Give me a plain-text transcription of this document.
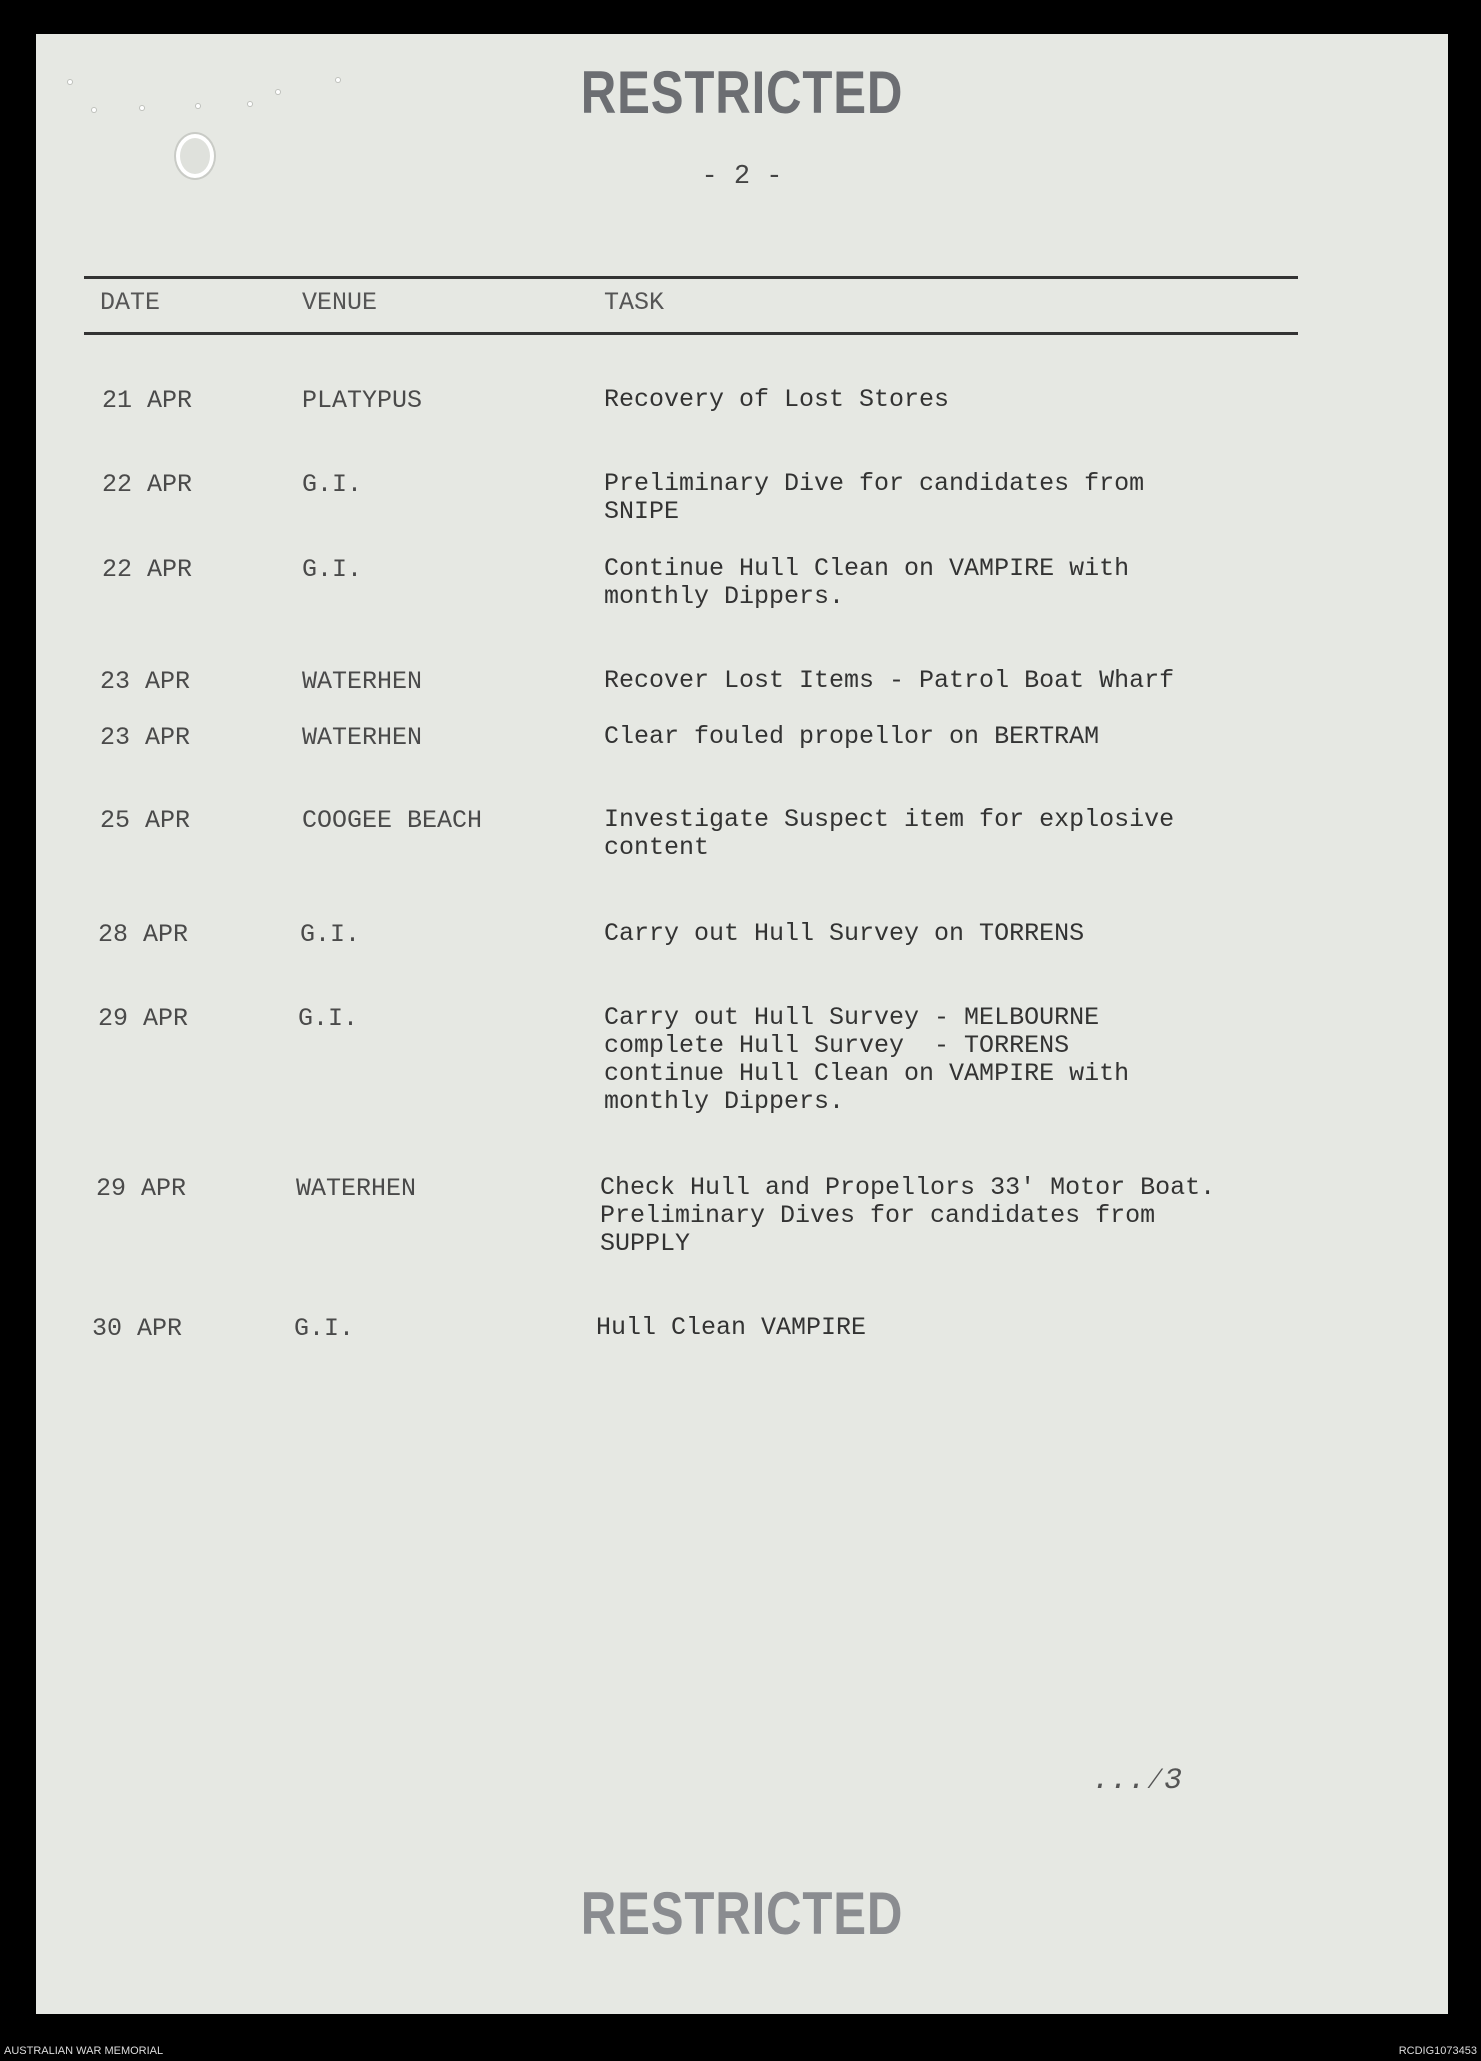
RESTRICTED
- 2 -
DATE	VENUE	TASK
21 APR	PLATYPUS	Recovery of Lost Stores
22 APR	G.I.	Preliminary Dive for candidates from
SNIPE
22 APR	G.I.	Continue Hull Clean on VAMPIRE with
monthly Dippers.
23 APR	WATERHEN	Recover Lost Items - Patrol Boat Wharf
23 APR	WATERHEN	Clear fouled propellor on BERTRAM
25 APR	COOGEE BEACH	Investigate Suspect item for explosive
content
28 APR	G.I.	Carry out Hull Survey on TORRENS
29 APR	G.I.	Carry out Hull Survey - MELBOURNE
complete Hull Survey  - TORRENS
continue Hull Clean on VAMPIRE with
monthly Dippers.
29 APR	WATERHEN	Check Hull and Propellors 33' Motor Boat.
Preliminary Dives for candidates from
SUPPLY
30 APR	G.I.	Hull Clean VAMPIRE
...⁄3
RESTRICTED
AUSTRALIAN WAR MEMORIAL	RCDIG1073453
